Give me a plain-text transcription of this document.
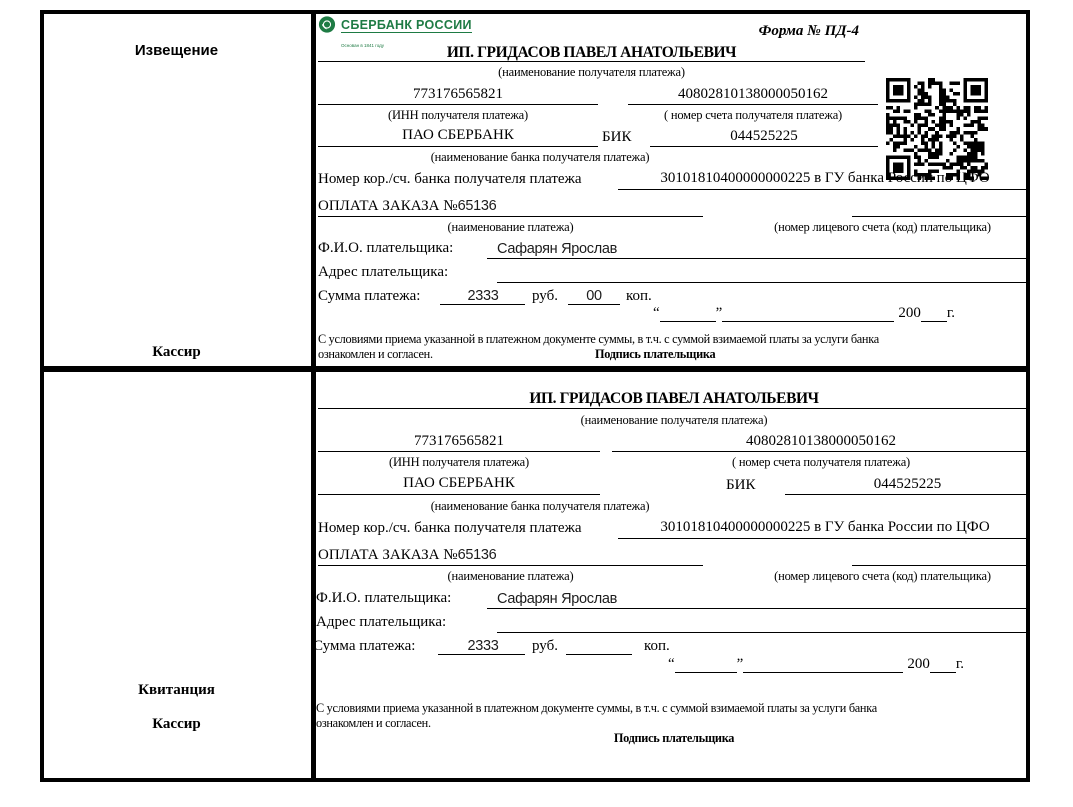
Извещение
Кассир
Квитанция
Кассир
СБЕРБАНК РОССИИ
Основан в 1841 году
Форма № ПД-4
ИП. ГРИДАСОВ ПАВЕЛ АНАТОЛЬЕВИЧ
(наименование получателя платежа)
773176565821	40802810138000050162
(ИНН получателя платежа)	( номер счета получателя платежа)
ПАО СБЕРБАНК	БИК	044525225
(наименование банка получателя платежа)
Номер кор./сч. банка получателя платежа	30101810400000000225 в ГУ банка России по ЦФО
ОПЛАТА ЗАКАЗА №65136
(наименование платежа)	(номер лицевого счета (код) плательщика)
Ф.И.О. плательщика:	Сафарян Ярослав
Адрес плательщика:
Сумма платежа:	2333	руб.	00	коп.
“	”	200 г.
С условиями приема указанной в платежном документе суммы, в т.ч. с суммой взимаемой платы за услуги банка
ознакомлен и согласен.	Подпись плательщика
ИП. ГРИДАСОВ ПАВЕЛ АНАТОЛЬЕВИЧ
(наименование получателя платежа)
773176565821	40802810138000050162
(ИНН получателя платежа)	( номер счета получателя платежа)
ПАО СБЕРБАНК	БИК	044525225
(наименование банка получателя платежа)
Номер кор./сч. банка получателя платежа	30101810400000000225 в ГУ банка России по ЦФО
ОПЛАТА ЗАКАЗА №65136
(наименование платежа)	(номер лицевого счета (код) плательщика)
Ф.И.О. плательщика:	Сафарян Ярослав
Адрес плательщика:
Сумма платежа:	2333	руб.	коп.
“	”	200 г.
С условиями приема указанной в платежном документе суммы, в т.ч. с суммой взимаемой платы за услуги банка
ознакомлен и согласен.
Подпись плательщика
